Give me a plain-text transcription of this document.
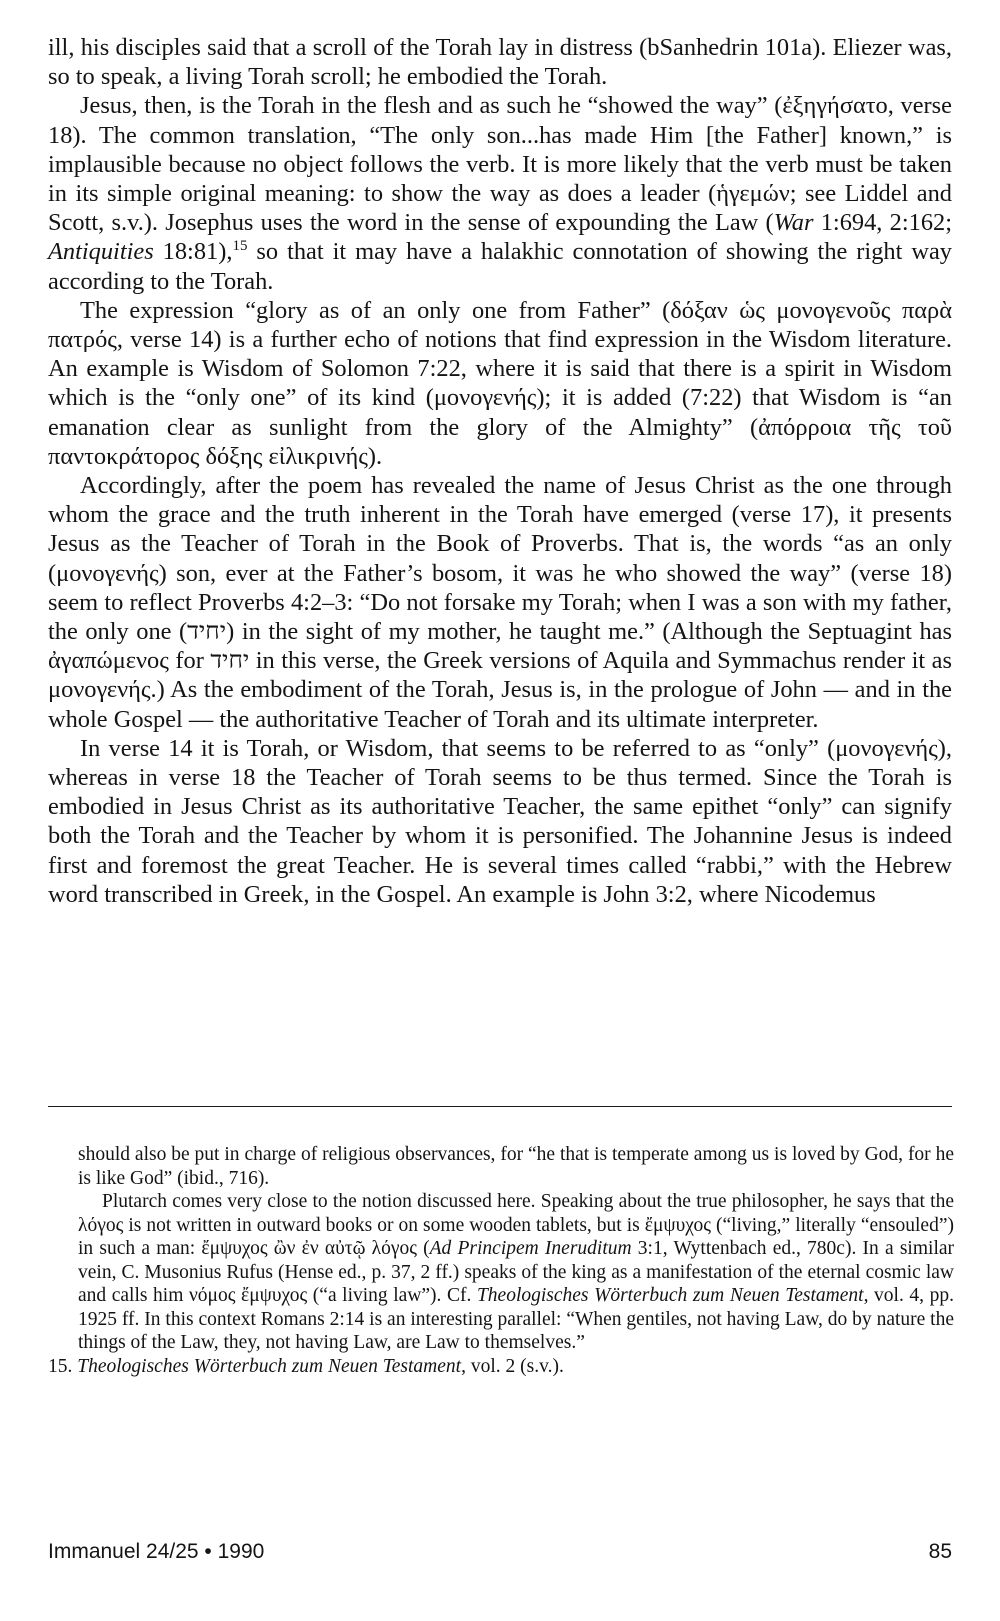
ill, his disciples said that a scroll of the Torah lay in distress (bSanhedrin 101a). Eliezer was, so to speak, a living Torah scroll; he embodied the Torah.

Jesus, then, is the Torah in the flesh and as such he “showed the way” (ἐξηγήσατο, verse 18). The common translation, “The only son...has made Him [the Father] known,” is implausible because no object follows the verb. It is more likely that the verb must be taken in its simple original meaning: to show the way as does a leader (ἡγεμών; see Liddel and Scott, s.v.). Josephus uses the word in the sense of expounding the Law (War 1:694, 2:162; Antiquities 18:81),$^{15}$ so that it may have a halakhic connotation of showing the right way according to the Torah.

The expression “glory as of an only one from Father” (δόξαν ὡς μονογενοῦς παρὰ πατρός, verse 14) is a further echo of notions that find expression in the Wisdom literature. An example is Wisdom of Solomon 7:22, where it is said that there is a spirit in Wisdom which is the “only one” of its kind (μονογενής); it is added (7:22) that Wisdom is “an emanation clear as sunlight from the glory of the Almighty” (ἀπόρροια τῆς τοῦ παντοκράτορος δόξης εἰλικρινής).

Accordingly, after the poem has revealed the name of Jesus Christ as the one through whom the grace and the truth inherent in the Torah have emerged (verse 17), it presents Jesus as the Teacher of Torah in the Book of Proverbs. That is, the words “as an only (μονογενής) son, ever at the Father’s bosom, it was he who showed the way” (verse 18) seem to reflect Proverbs 4:2–3: “Do not forsake my Torah; when I was a son with my father, the only one (יחיד) in the sight of my mother, he taught me.” (Although the Septuagint has ἀγαπώμενος for יחיד in this verse, the Greek versions of Aquila and Symmachus render it as μονογενής.) As the embodiment of the Torah, Jesus is, in the prologue of John — and in the whole Gospel — the authoritative Teacher of Torah and its ultimate interpreter.

In verse 14 it is Torah, or Wisdom, that seems to be referred to as “only” (μονογενής), whereas in verse 18 the Teacher of Torah seems to be thus termed. Since the Torah is embodied in Jesus Christ as its authoritative Teacher, the same epithet “only” can signify both the Torah and the Teacher by whom it is personified. The Johannine Jesus is indeed first and foremost the great Teacher. He is several times called “rabbi,” with the Hebrew word transcribed in Greek, in the Gospel. An example is John 3:2, where Nicodemus

should also be put in charge of religious observances, for “he that is temperate among us is loved by God, for he is like God” (ibid., 716).

Plutarch comes very close to the notion discussed here. Speaking about the true philosopher, he says that the λόγος is not written in outward books or on some wooden tablets, but is ἔμψυχος (“living,” literally “ensouled”) in such a man: ἔμψυχος ὢν ἐν αὐτῷ λόγος (Ad Principem Ineruditum 3:1, Wyttenbach ed., 780c). In a similar vein, C. Musonius Rufus (Hense ed., p. 37, 2 ff.) speaks of the king as a manifestation of the eternal cosmic law and calls him νόμος ἔμψυχος (“a living law”). Cf. Theologisches Wörterbuch zum Neuen Testament, vol. 4, pp. 1925 ff. In this context Romans 2:14 is an interesting parallel: “When gentiles, not having Law, do by nature the things of the Law, they, not having Law, are Law to themselves.”

15. Theologisches Wörterbuch zum Neuen Testament, vol. 2 (s.v.).

Immanuel 24/25 • 1990	85
